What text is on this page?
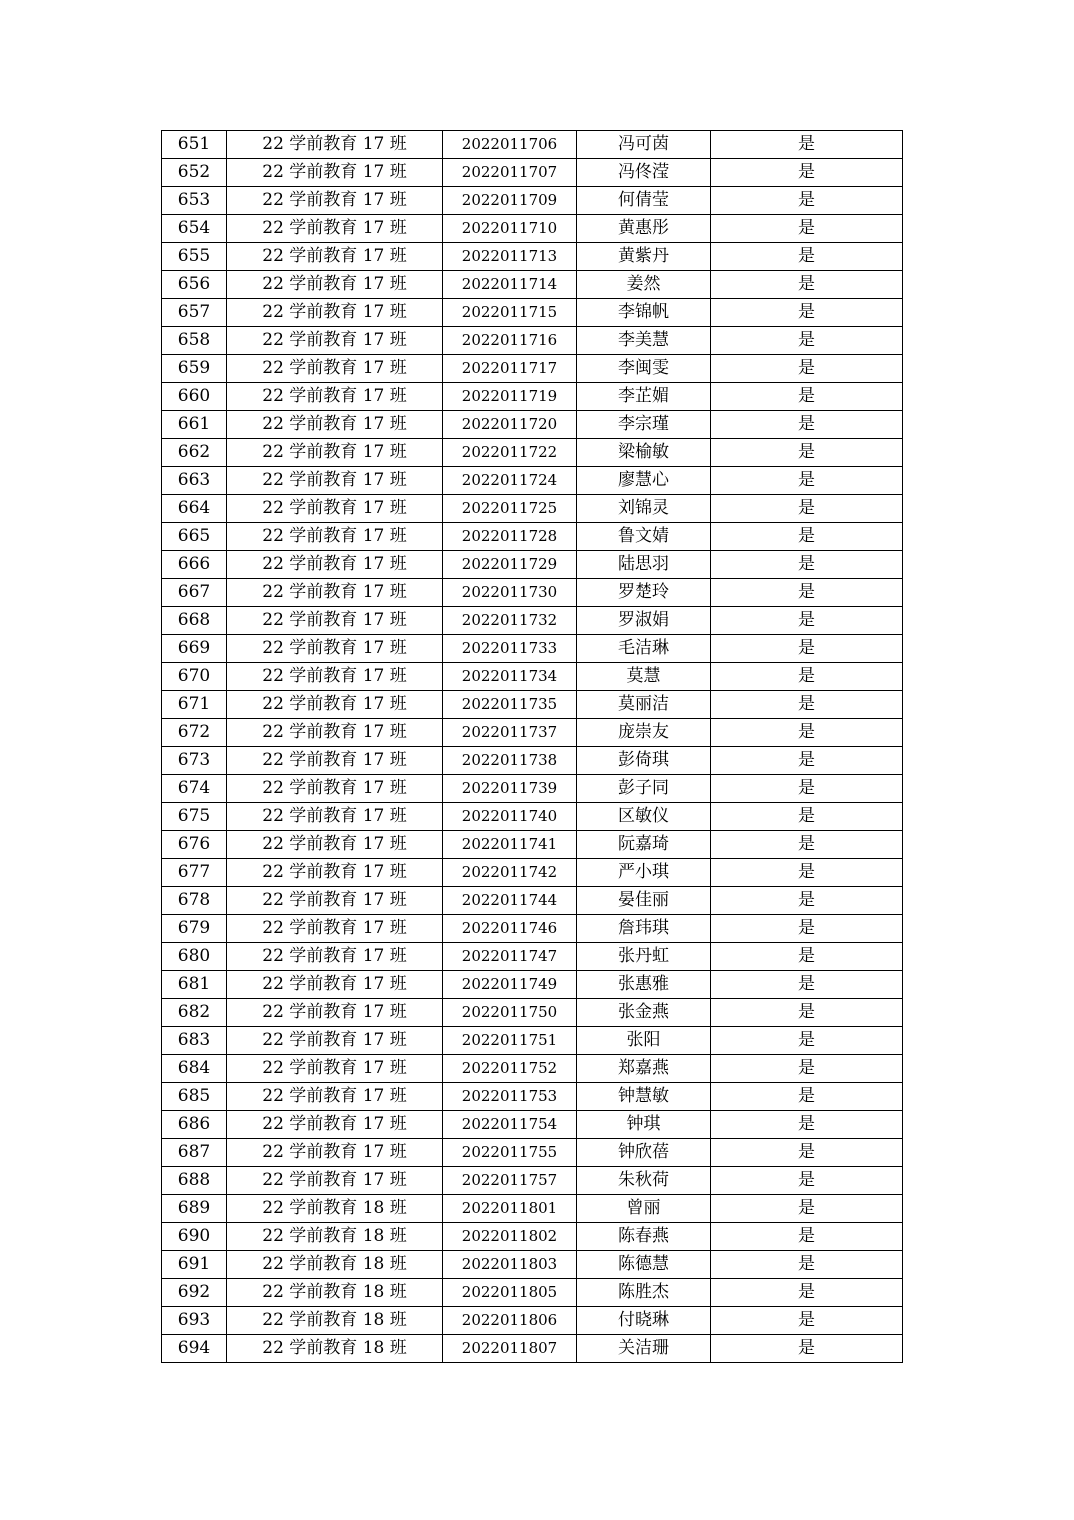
651	22 学前教育 17 班	2022011706	冯可茵	是
652	22 学前教育 17 班	2022011707	冯佟滢	是
653	22 学前教育 17 班	2022011709	何倩莹	是
654	22 学前教育 17 班	2022011710	黄惠彤	是
655	22 学前教育 17 班	2022011713	黄紫丹	是
656	22 学前教育 17 班	2022011714	姜然	是
657	22 学前教育 17 班	2022011715	李锦帆	是
658	22 学前教育 17 班	2022011716	李美慧	是
659	22 学前教育 17 班	2022011717	李闽雯	是
660	22 学前教育 17 班	2022011719	李芷媚	是
661	22 学前教育 17 班	2022011720	李宗瑾	是
662	22 学前教育 17 班	2022011722	梁榆敏	是
663	22 学前教育 17 班	2022011724	廖慧心	是
664	22 学前教育 17 班	2022011725	刘锦灵	是
665	22 学前教育 17 班	2022011728	鲁文婧	是
666	22 学前教育 17 班	2022011729	陆思羽	是
667	22 学前教育 17 班	2022011730	罗楚玲	是
668	22 学前教育 17 班	2022011732	罗淑娟	是
669	22 学前教育 17 班	2022011733	毛洁琳	是
670	22 学前教育 17 班	2022011734	莫慧	是
671	22 学前教育 17 班	2022011735	莫丽洁	是
672	22 学前教育 17 班	2022011737	庞崇友	是
673	22 学前教育 17 班	2022011738	彭倚琪	是
674	22 学前教育 17 班	2022011739	彭子同	是
675	22 学前教育 17 班	2022011740	区敏仪	是
676	22 学前教育 17 班	2022011741	阮嘉琦	是
677	22 学前教育 17 班	2022011742	严小琪	是
678	22 学前教育 17 班	2022011744	晏佳丽	是
679	22 学前教育 17 班	2022011746	詹玮琪	是
680	22 学前教育 17 班	2022011747	张丹虹	是
681	22 学前教育 17 班	2022011749	张惠雅	是
682	22 学前教育 17 班	2022011750	张金燕	是
683	22 学前教育 17 班	2022011751	张阳	是
684	22 学前教育 17 班	2022011752	郑嘉燕	是
685	22 学前教育 17 班	2022011753	钟慧敏	是
686	22 学前教育 17 班	2022011754	钟琪	是
687	22 学前教育 17 班	2022011755	钟欣蓓	是
688	22 学前教育 17 班	2022011757	朱秋荷	是
689	22 学前教育 18 班	2022011801	曾丽	是
690	22 学前教育 18 班	2022011802	陈春燕	是
691	22 学前教育 18 班	2022011803	陈德慧	是
692	22 学前教育 18 班	2022011805	陈胜杰	是
693	22 学前教育 18 班	2022011806	付晓琳	是
694	22 学前教育 18 班	2022011807	关洁珊	是
